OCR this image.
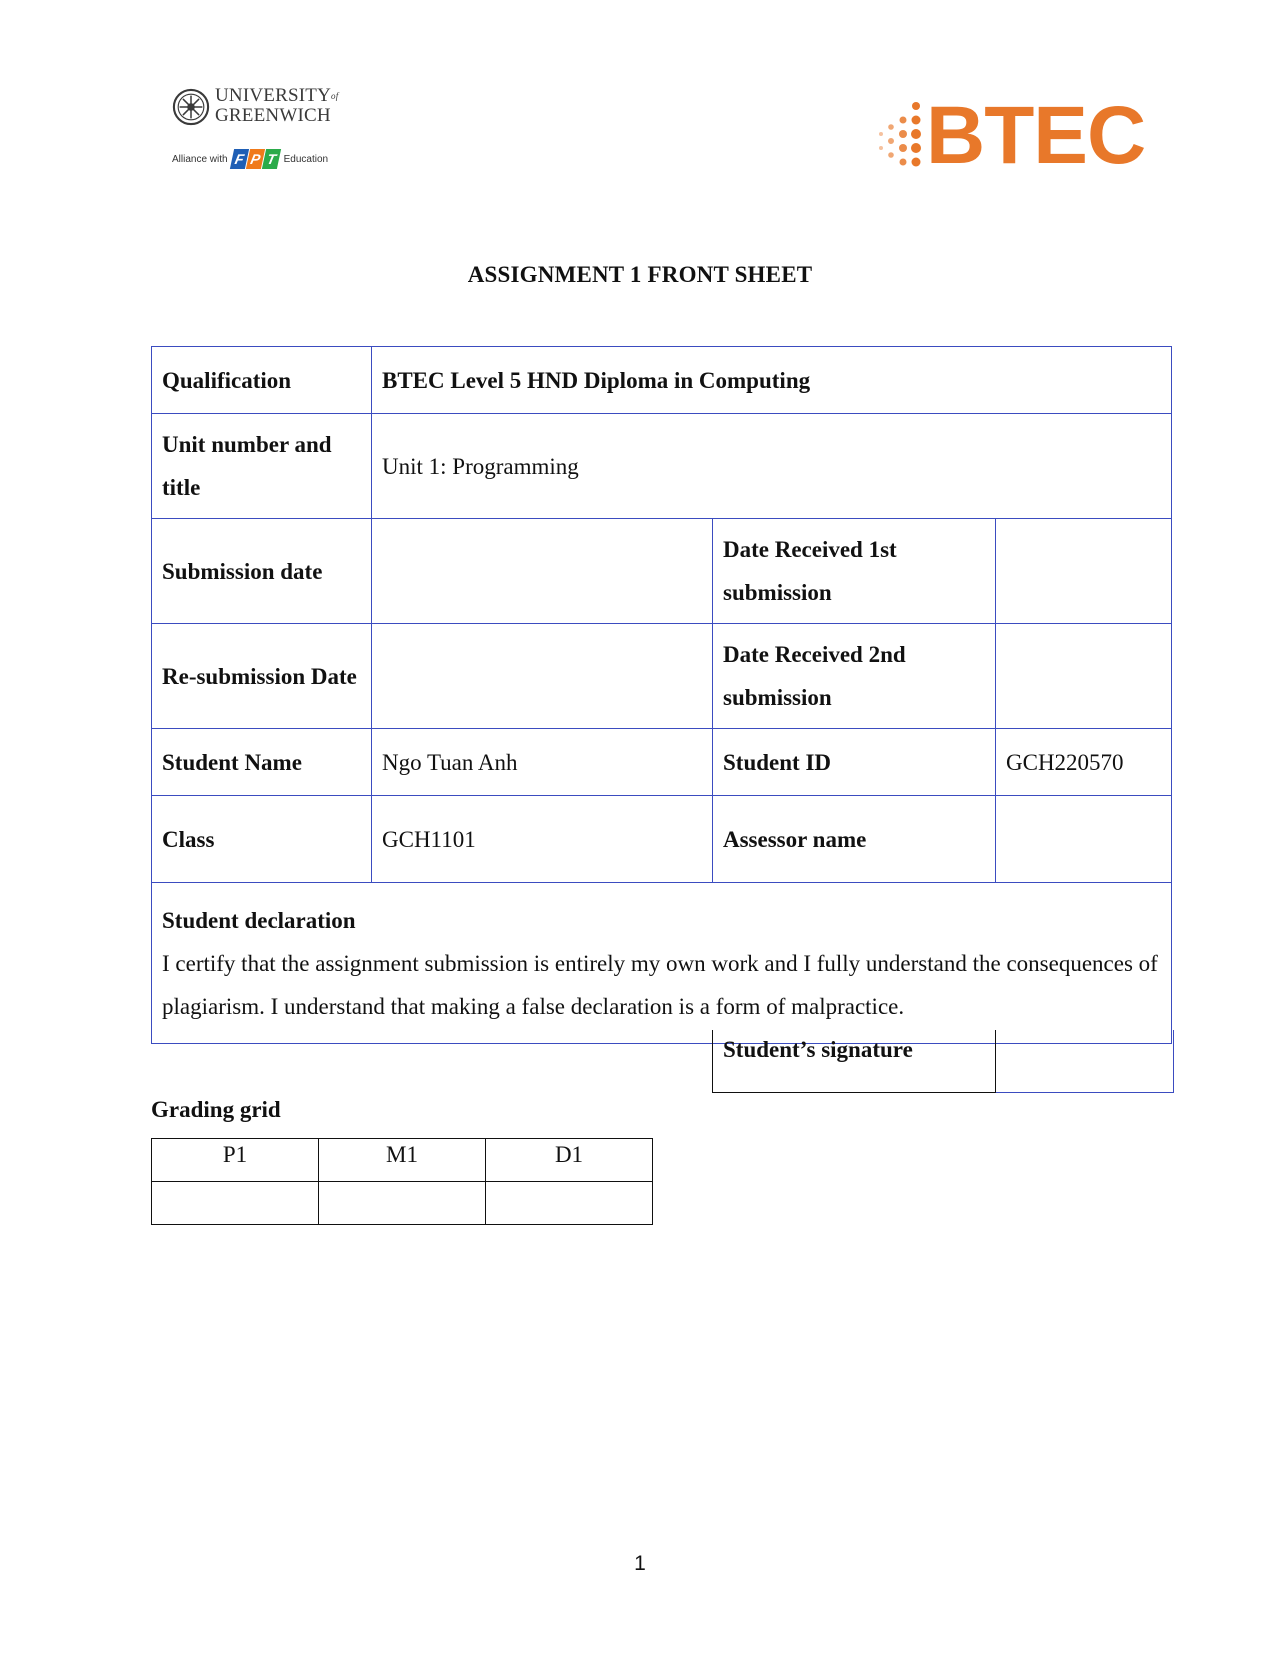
UNIVERSITYof
GREENWICH
Alliance with F P T Education	BTEC
ASSIGNMENT 1 FRONT SHEET
Qualification	BTEC Level 5 HND Diploma in Computing		
Unit number and title	Unit 1: Programming		
Submission date		Date Received 1st submission	
Re-submission Date		Date Received 2nd submission	
Student Name	Ngo Tuan Anh	Student ID	GCH220570
Class	GCH1101	Assessor name	

Student declaration
I certify that the assignment submission is entirely my own work and I fully understand the consequences of plagiarism. I understand that making a false declaration is a form of malpractice.			
Student’s signature	
Grading grid
P1	M1	D1

1
